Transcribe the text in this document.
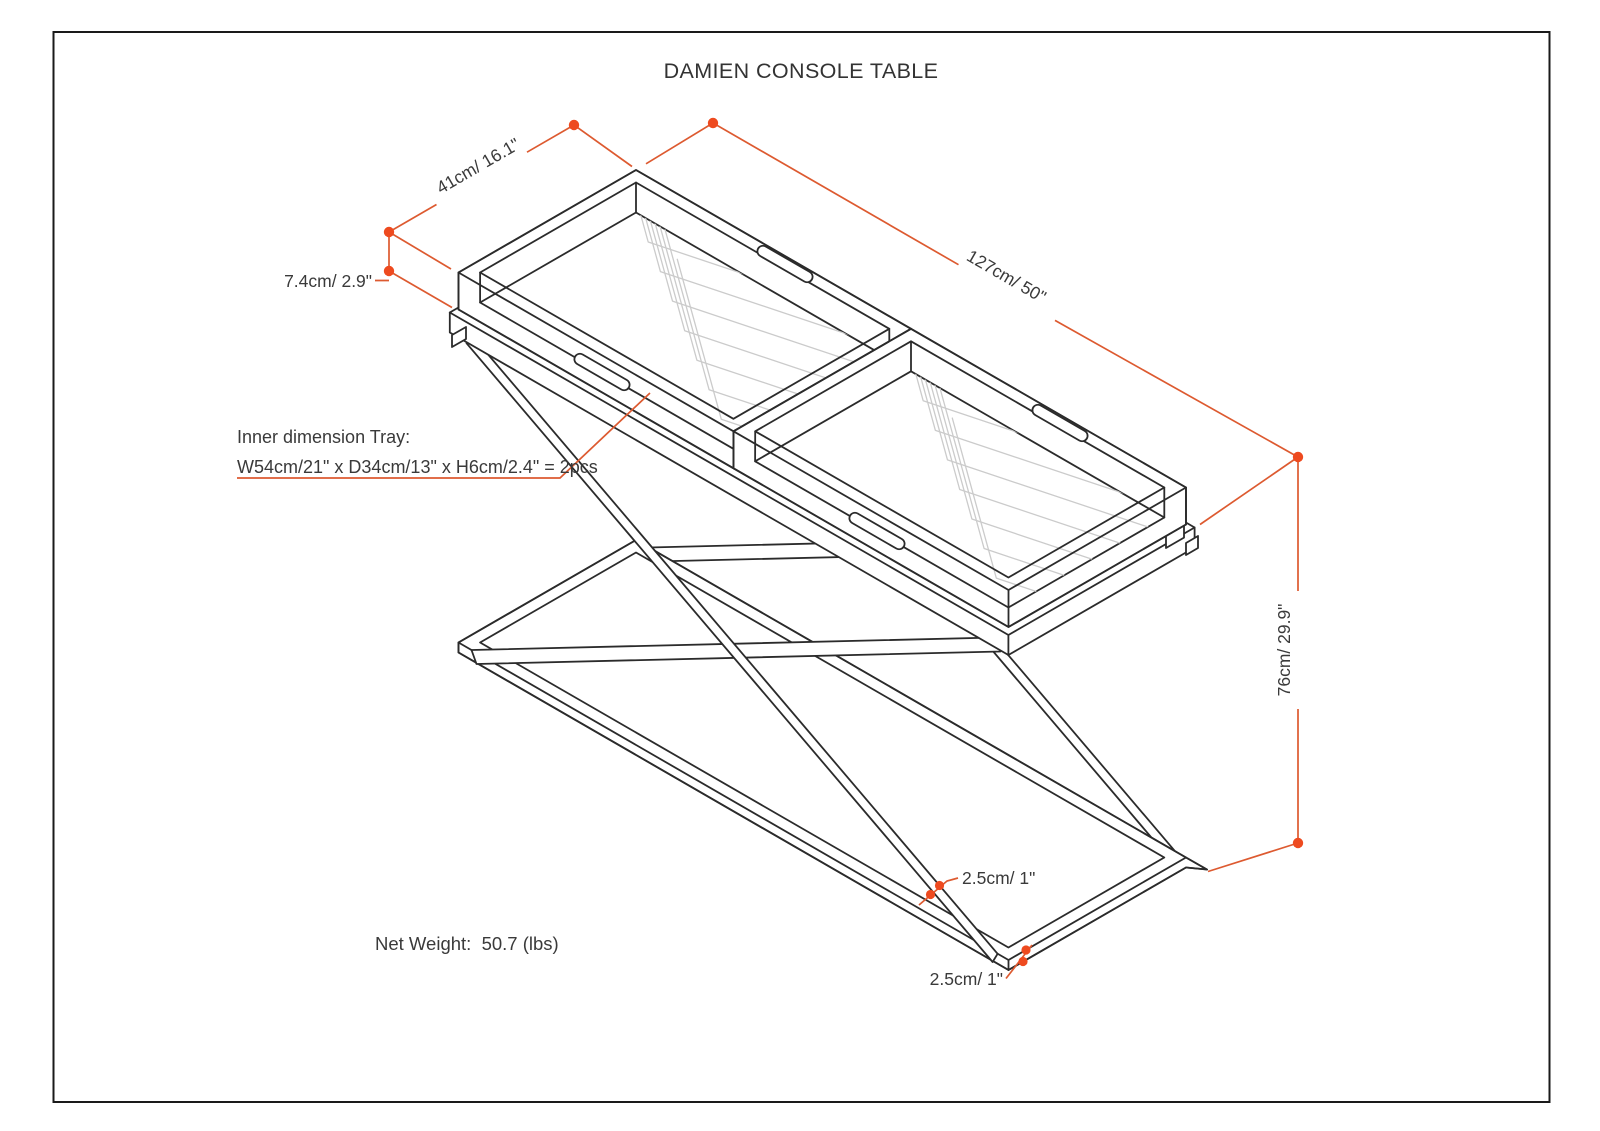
DAMIEN CONSOLE TABLE
41cm/ 16.1"
7.4cm/ 2.9"	127cm/ 50"
76cm/ 29.9"
2.5cm/ 1"
2.5cm/ 1"
Inner dimension Tray:
W54cm/21" x D34cm/13" x H6cm/2.4" = 2pcs
Net Weight:  50.7 (lbs)
